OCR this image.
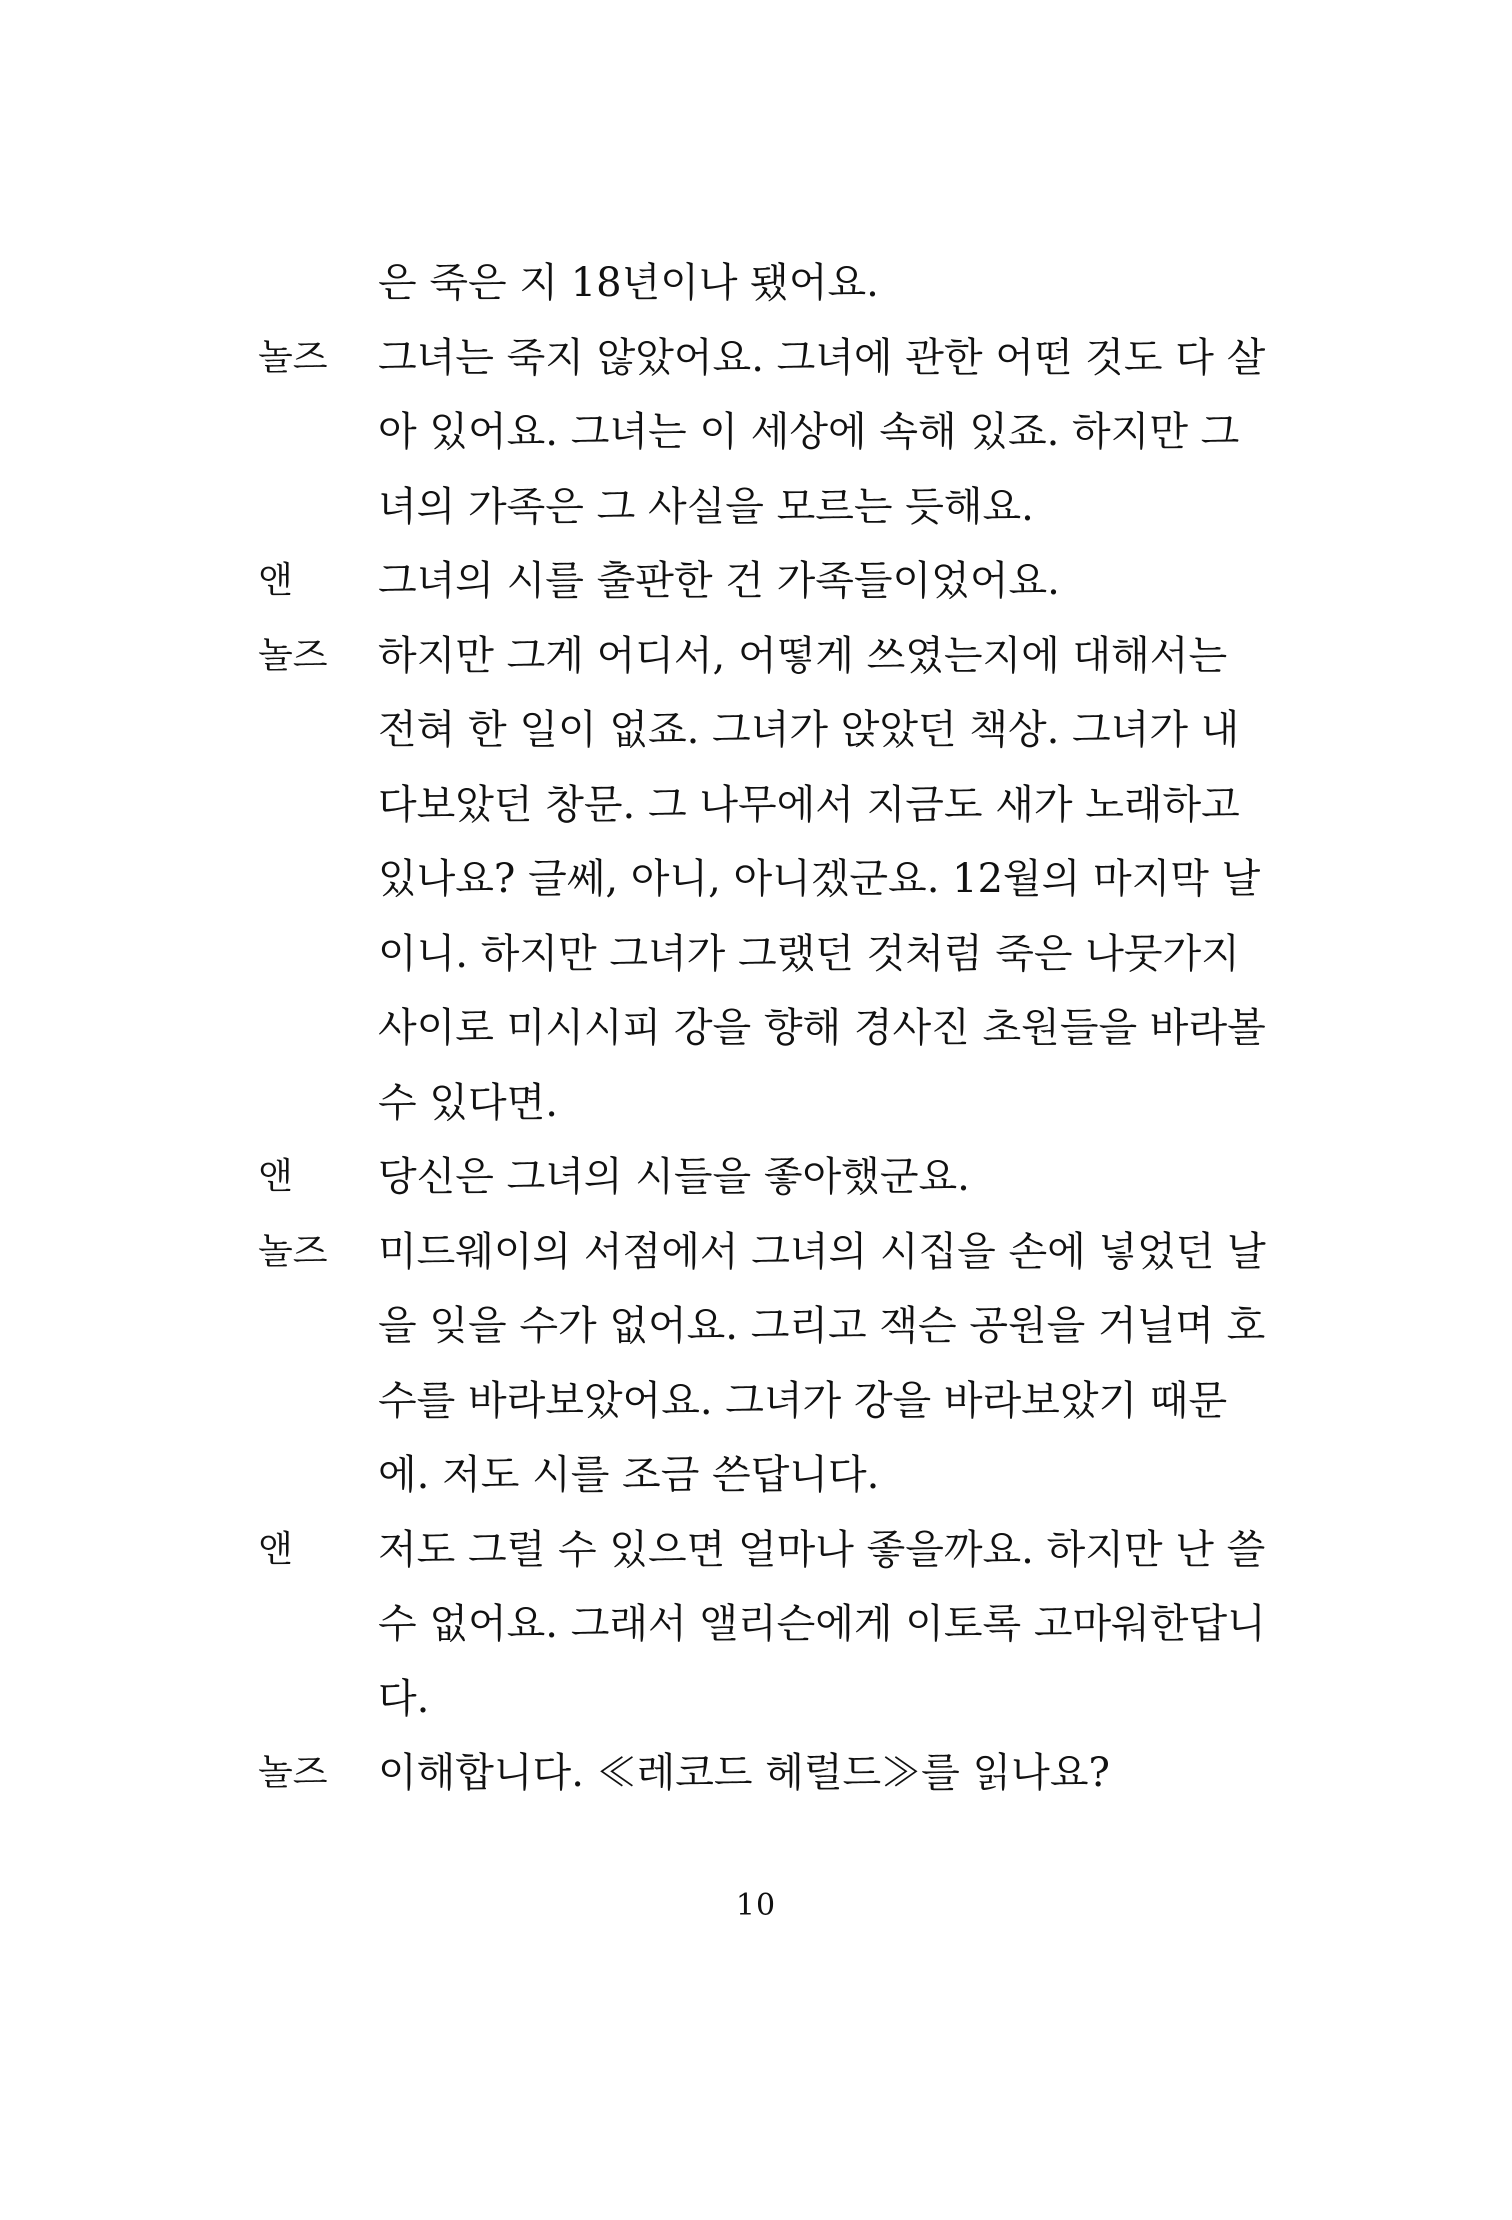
은 죽은 지 18년이나 됐어요.
놀즈 그녀는 죽지 않았어요. 그녀에 관한 어떤 것도 다 살
아 있어요. 그녀는 이 세상에 속해 있죠. 하지만 그
녀의 가족은 그 사실을 모르는 듯해요.
앤 그녀의 시를 출판한 건 가족들이었어요.
놀즈 하지만 그게 어디서, 어떻게 쓰였는지에 대해서는
전혀 한 일이 없죠. 그녀가 앉았던 책상. 그녀가 내
다보았던 창문. 그 나무에서 지금도 새가 노래하고
있나요? 글쎄, 아니, 아니겠군요. 12월의 마지막 날
이니. 하지만 그녀가 그랬던 것처럼 죽은 나뭇가지
사이로 미시시피 강을 향해 경사진 초원들을 바라볼
수 있다면.
앤 당신은 그녀의 시들을 좋아했군요.
놀즈 미드웨이의 서점에서 그녀의 시집을 손에 넣었던 날
을 잊을 수가 없어요. 그리고 잭슨 공원을 거닐며 호
수를 바라보았어요. 그녀가 강을 바라보았기 때문
에. 저도 시를 조금 쓴답니다.
앤 저도 그럴 수 있으면 얼마나 좋을까요. 하지만 난 쓸
수 없어요. 그래서 앨리슨에게 이토록 고마워한답니
다.
놀즈 이해합니다. ≪레코드 헤럴드≫를 읽나요?
10
